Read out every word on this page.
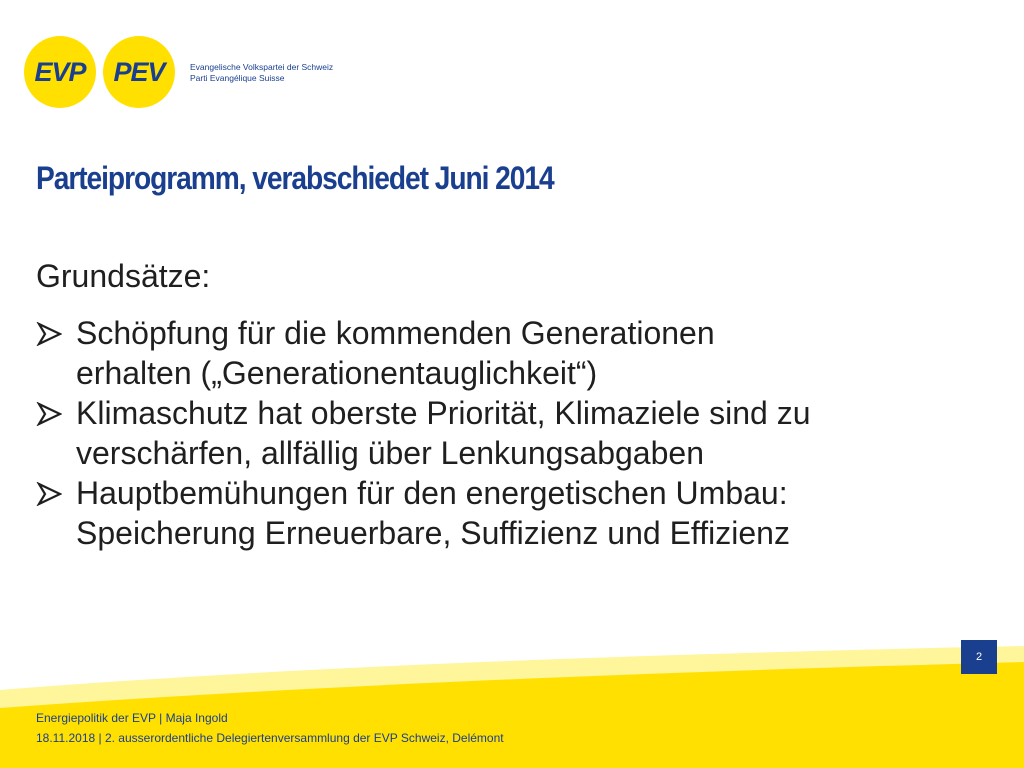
EVP PEV	Evangelische Volkspartei der Schweiz
Parti Evangélique Suisse
Parteiprogramm, verabschiedet Juni 2014
Grundsätze:
Schöpfung für die kommenden Generationen
erhalten („Generationentauglichkeit“)
Klimaschutz hat oberste Priorität, Klimaziele sind zu
verschärfen, allfällig über Lenkungsabgaben
Hauptbemühungen für den energetischen Umbau:
Speicherung Erneuerbare, Suffizienz und Effizienz
2
Energiepolitik der EVP | Maja Ingold
18.11.2018 | 2. ausserordentliche Delegiertenversammlung der EVP Schweiz, Delémont
